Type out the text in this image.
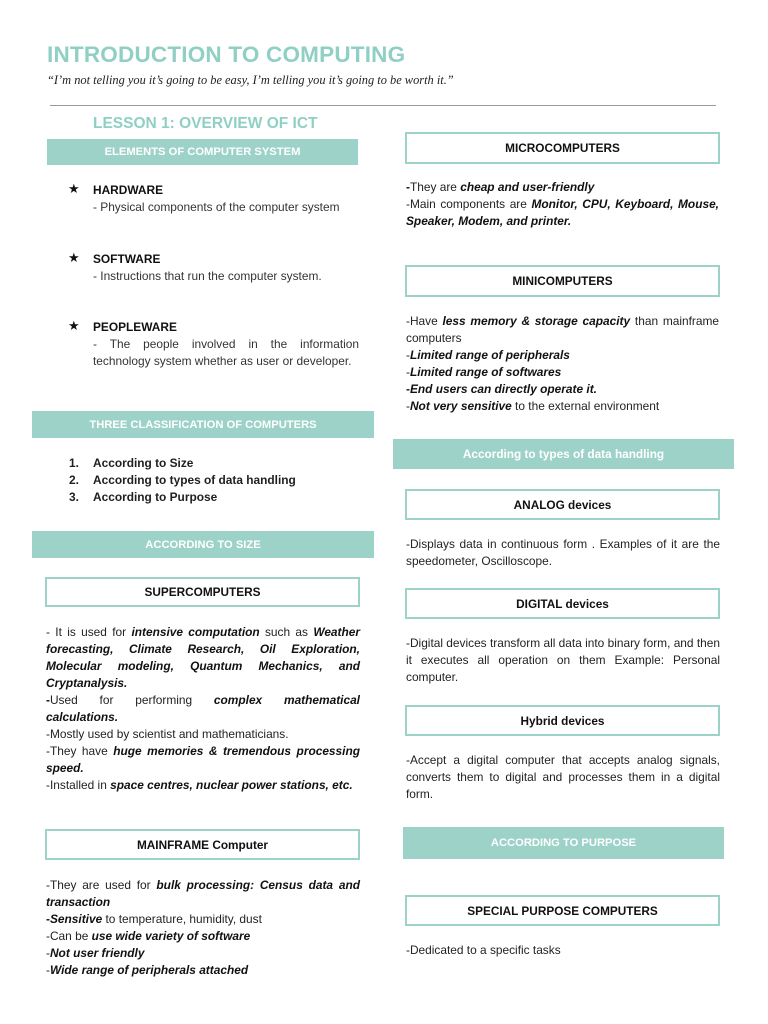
INTRODUCTION TO COMPUTING
“I’m not telling you it’s going to be easy, I’m telling you it’s going to be worth it.”
LESSON 1: OVERVIEW OF ICT
ELEMENTS OF COMPUTER SYSTEM
★ HARDWARE
- Physical components of the computer system
★ SOFTWARE
- Instructions that run the computer system.
★ PEOPLEWARE
- The people involved in the information technology system whether as user or developer.
THREE CLASSIFICATION OF COMPUTERS
1. According to Size
2. According to types of data handling
3. According to Purpose
ACCORDING TO SIZE
SUPERCOMPUTERS
- It is used for intensive computation such as Weather forecasting, Climate Research, Oil Exploration, Molecular modeling, Quantum Mechanics, and Cryptanalysis.
-Used for performing complex mathematical calculations.
-Mostly used by scientist and mathematicians.
-They have huge memories & tremendous processing speed.
-Installed in space centres, nuclear power stations, etc.
MAINFRAME Computer
-They are used for bulk processing: Census data and transaction
-Sensitive to temperature, humidity, dust
-Can be use wide variety of software
-Not user friendly
-Wide range of peripherals attached
MICROCOMPUTERS
-They are cheap and user-friendly
-Main components are Monitor, CPU, Keyboard, Mouse, Speaker, Modem, and printer.
MINICOMPUTERS
-Have less memory & storage capacity than mainframe computers
-Limited range of peripherals
-Limited range of softwares
-End users can directly operate it.
-Not very sensitive to the external environment
According to types of data handling
ANALOG devices
-Displays data in continuous form . Examples of it are the speedometer, Oscilloscope.
DIGITAL devices
-Digital devices transform all data into binary form, and then it executes all operation on them Example: Personal computer.
Hybrid devices
-Accept a digital computer that accepts analog signals, converts them to digital and processes them in a digital form.
ACCORDING TO PURPOSE
SPECIAL PURPOSE COMPUTERS
-Dedicated to a specific tasks
